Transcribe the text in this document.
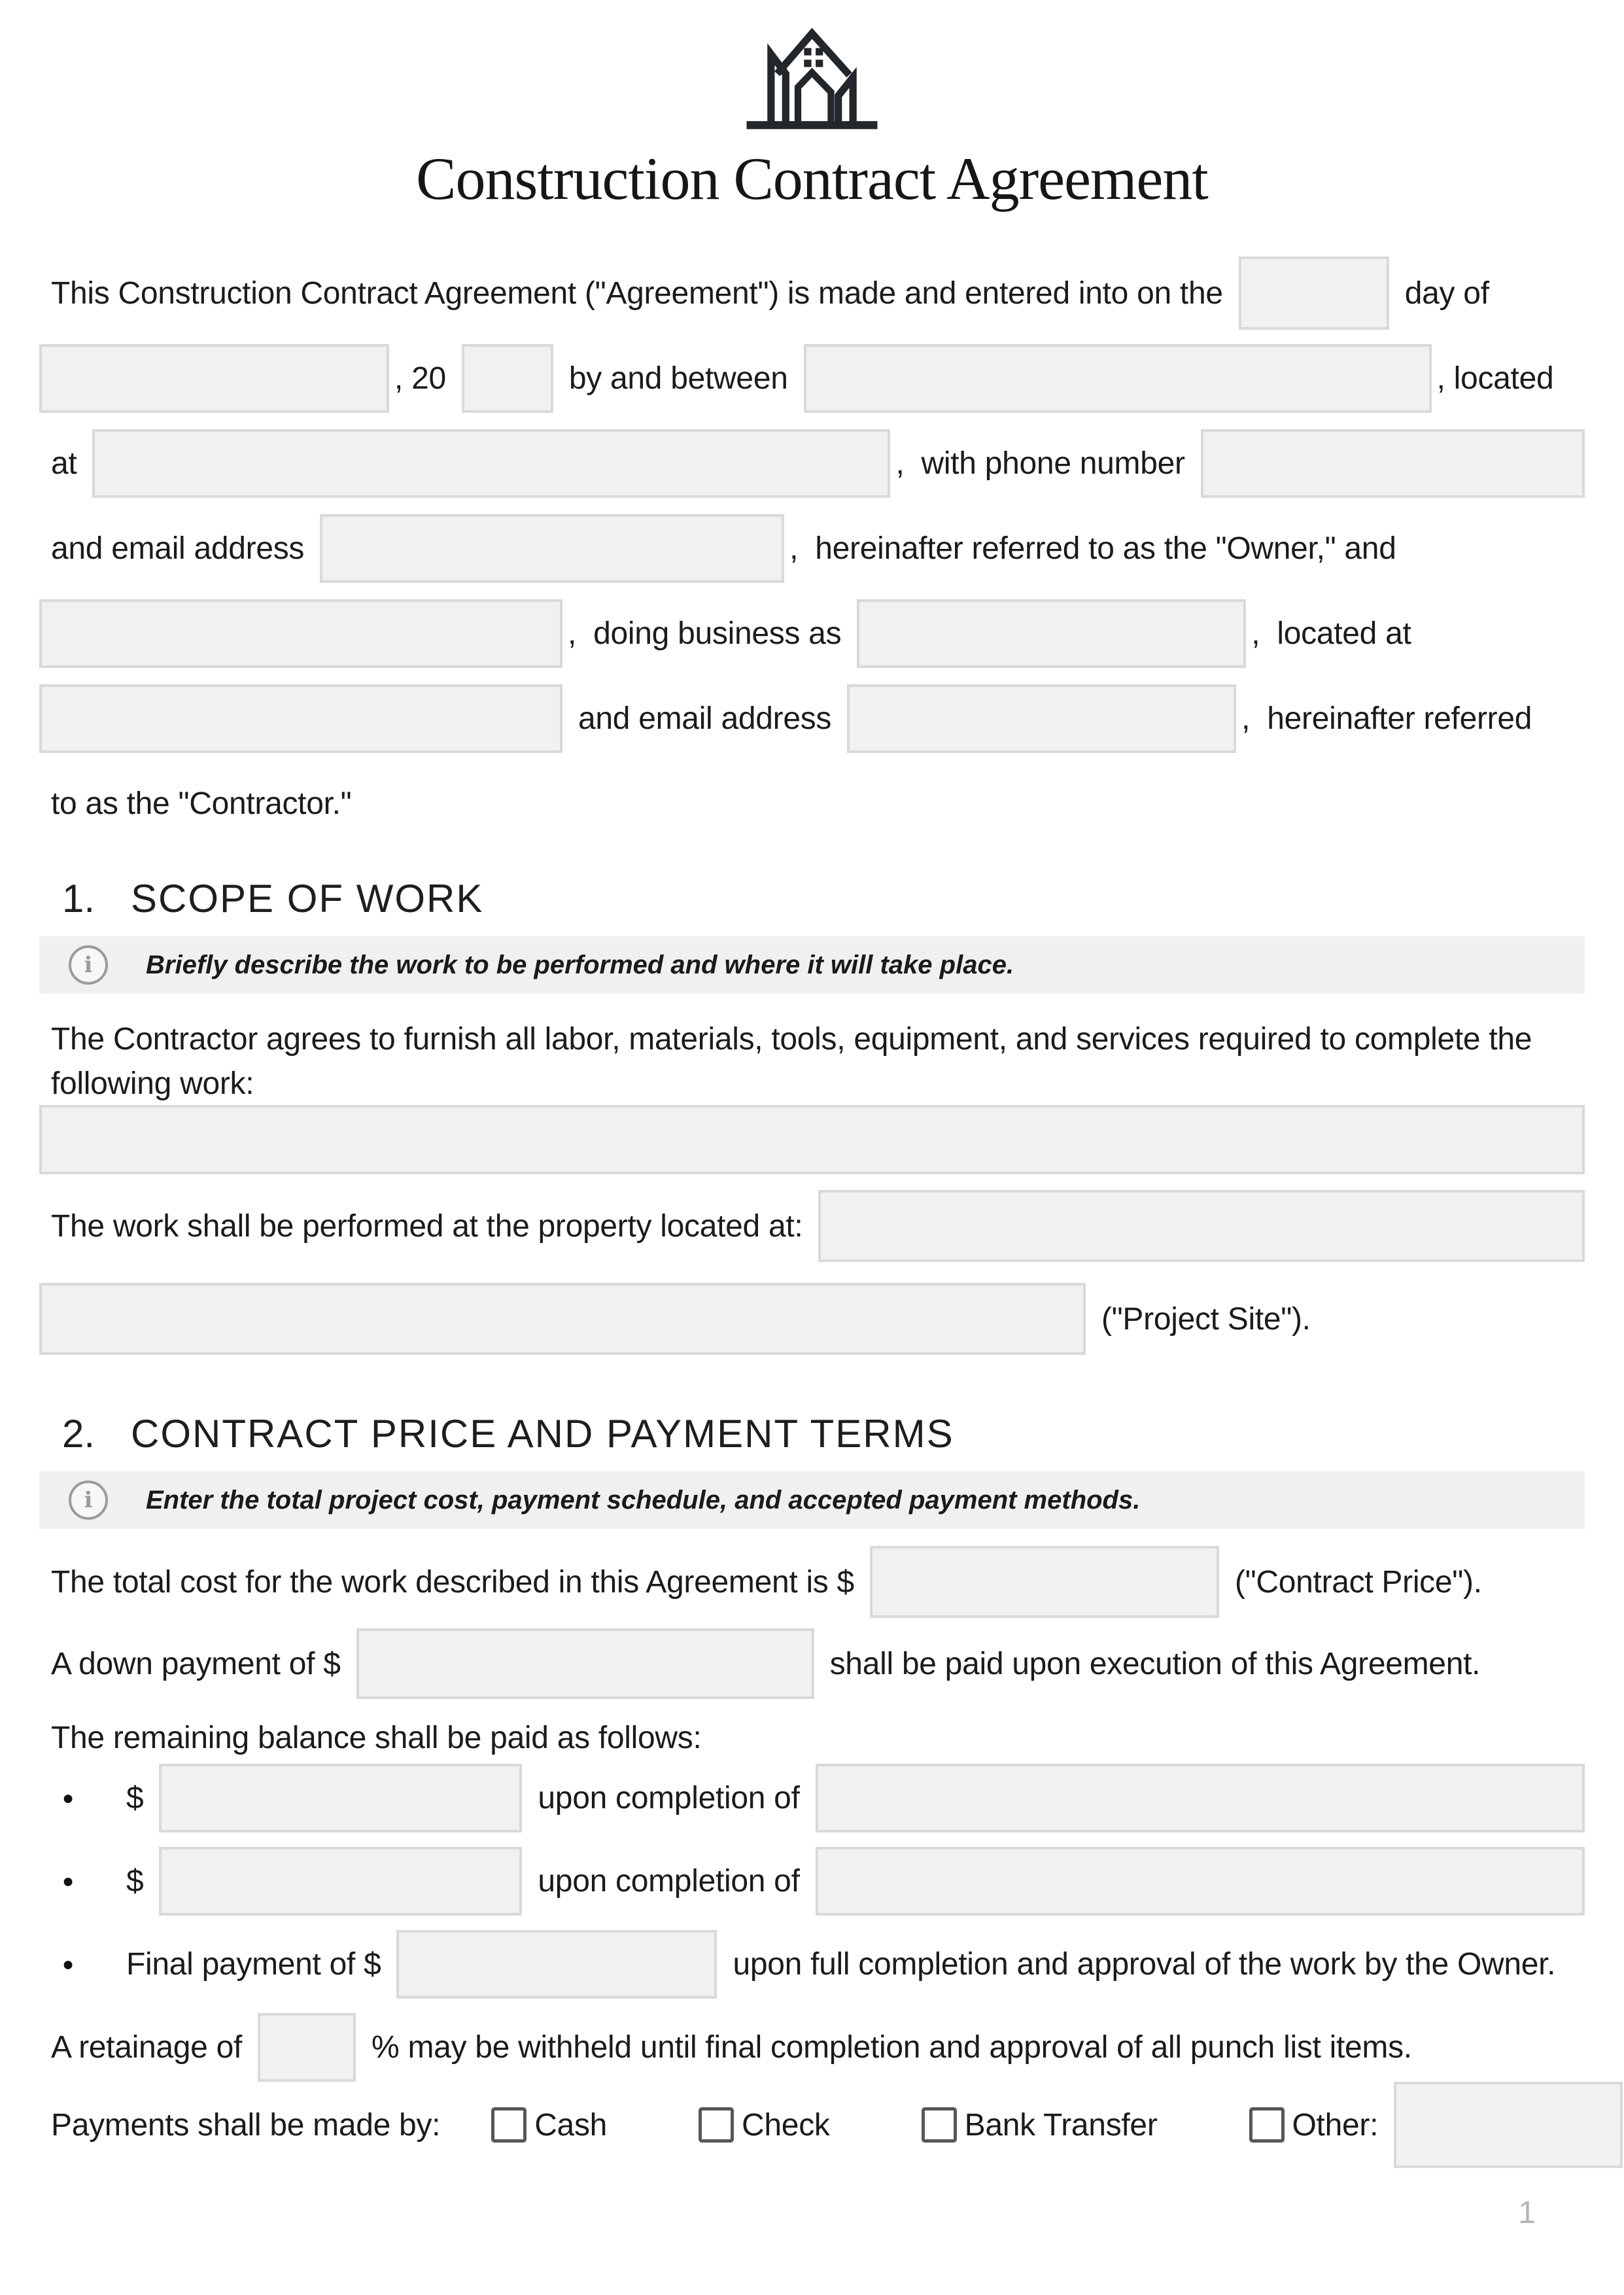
Construction Contract Agreement
This Construction Contract Agreement ("Agreement") is made and entered into on the	day of
, 20	by and between	, located
at	,  with phone number
and email address	,  hereinafter referred to as the "Owner," and
,  doing business as	,  located at
and email address	,  hereinafter referred
to as the "Contractor."
1. SCOPE OF WORK
i	Briefly describe the work to be performed and where it will take place.
The Contractor agrees to furnish all labor, materials, tools, equipment, and services required to complete the following work:
The work shall be performed at the property located at:
("Project Site").
2. CONTRACT PRICE AND PAYMENT TERMS
i	Enter the total project cost, payment schedule, and accepted payment methods.
The total cost for the work described in this Agreement is $	("Contract Price").
A down payment of $	shall be paid upon execution of this Agreement.
The remaining balance shall be paid as follows:
●	$	upon completion of
●	$	upon completion of
●	Final payment of $	upon full completion and approval of the work by the Owner.
A retainage of	% may be withheld until final completion and approval of all punch list items.
Payments shall be made by:	Cash	Check	Bank Transfer	Other:
1
